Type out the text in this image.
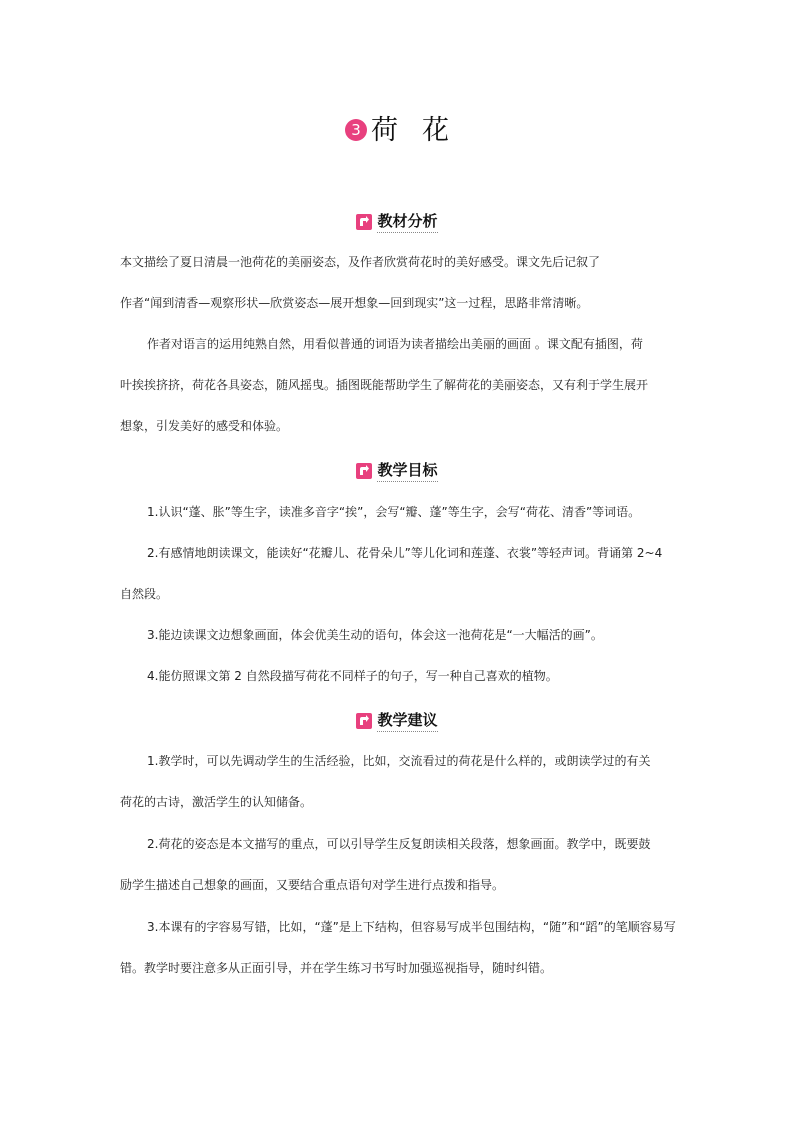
3 荷 花
教材分析
本文描绘了夏日清晨一池荷花的美丽姿态，及作者欣赏荷花时的美好感受。课文先后记叙了
作者“闻到清香—观察形状—欣赏姿态—展开想象—回到现实”这一过程，思路非常清晰。
作者对语言的运用纯熟自然，用看似普通的词语为读者描绘出美丽的画面 。课文配有插图，荷
叶挨挨挤挤，荷花各具姿态，随风摇曳。插图既能帮助学生了解荷花的美丽姿态，又有利于学生展开
想象，引发美好的感受和体验。
教学目标
1.认识“蓬、胀”等生字，读准多音字“挨”，会写“瓣、蓬”等生字，会写“荷花、清香”等词语。
2.有感情地朗读课文，能读好“花瓣儿、花骨朵儿”等儿化词和莲蓬、衣裳”等轻声词。背诵第 2~4
自然段。
3.能边读课文边想象画面，体会优美生动的语句，体会这一池荷花是“一大幅活的画”。
4.能仿照课文第 2 自然段描写荷花不同样子的句子，写一种自己喜欢的植物。
教学建议
1.教学时，可以先调动学生的生活经验，比如，交流看过的荷花是什么样的，或朗读学过的有关
荷花的古诗，激活学生的认知储备。
2.荷花的姿态是本文描写的重点，可以引导学生反复朗读相关段落，想象画面。教学中，既要鼓
励学生描述自己想象的画面，又要结合重点语句对学生进行点拨和指导。
3.本课有的字容易写错，比如，“蓬”是上下结构，但容易写成半包围结构，“随”和“蹈”的笔顺容易写
错。教学时要注意多从正面引导，并在学生练习书写时加强巡视指导，随时纠错。
